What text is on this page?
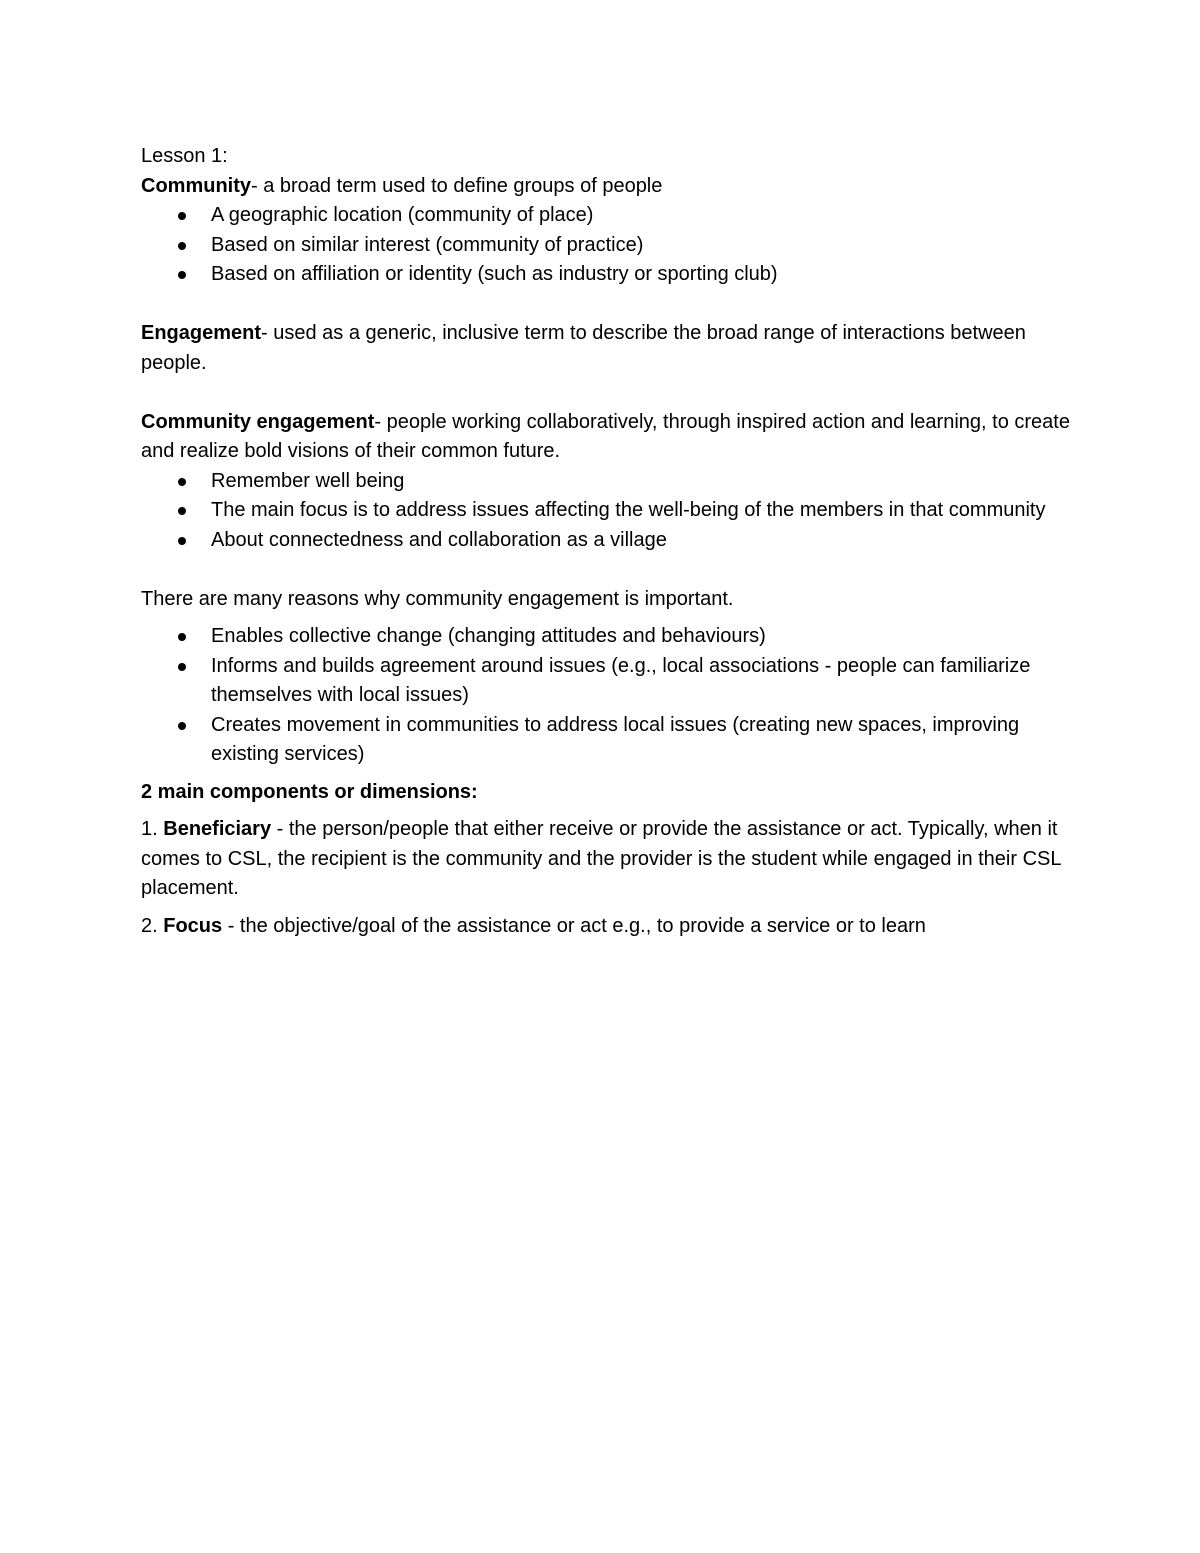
Lesson 1:

Community- a broad term used to define groups of people

A geographic location (community of place)
Based on similar interest (community of practice)
Based on affiliation or identity (such as industry or sporting club)

Engagement- used as a generic, inclusive term to describe the broad range of interactions between people.

Community engagement- people working collaboratively, through inspired action and learning, to create and realize bold visions of their common future.

Remember well being
The main focus is to address issues affecting the well-being of the members in that community
About connectedness and collaboration as a village

There are many reasons why community engagement is important.

Enables collective change (changing attitudes and behaviours)
Informs and builds agreement around issues (e.g., local associations - people can familiarize themselves with local issues)
Creates movement in communities to address local issues (creating new spaces, improving existing services)

2 main components or dimensions:

1. Beneficiary - the person/people that either receive or provide the assistance or act. Typically, when it comes to CSL, the recipient is the community and the provider is the student while engaged in their CSL placement.

2. Focus - the objective/goal of the assistance or act e.g., to provide a service or to learn
